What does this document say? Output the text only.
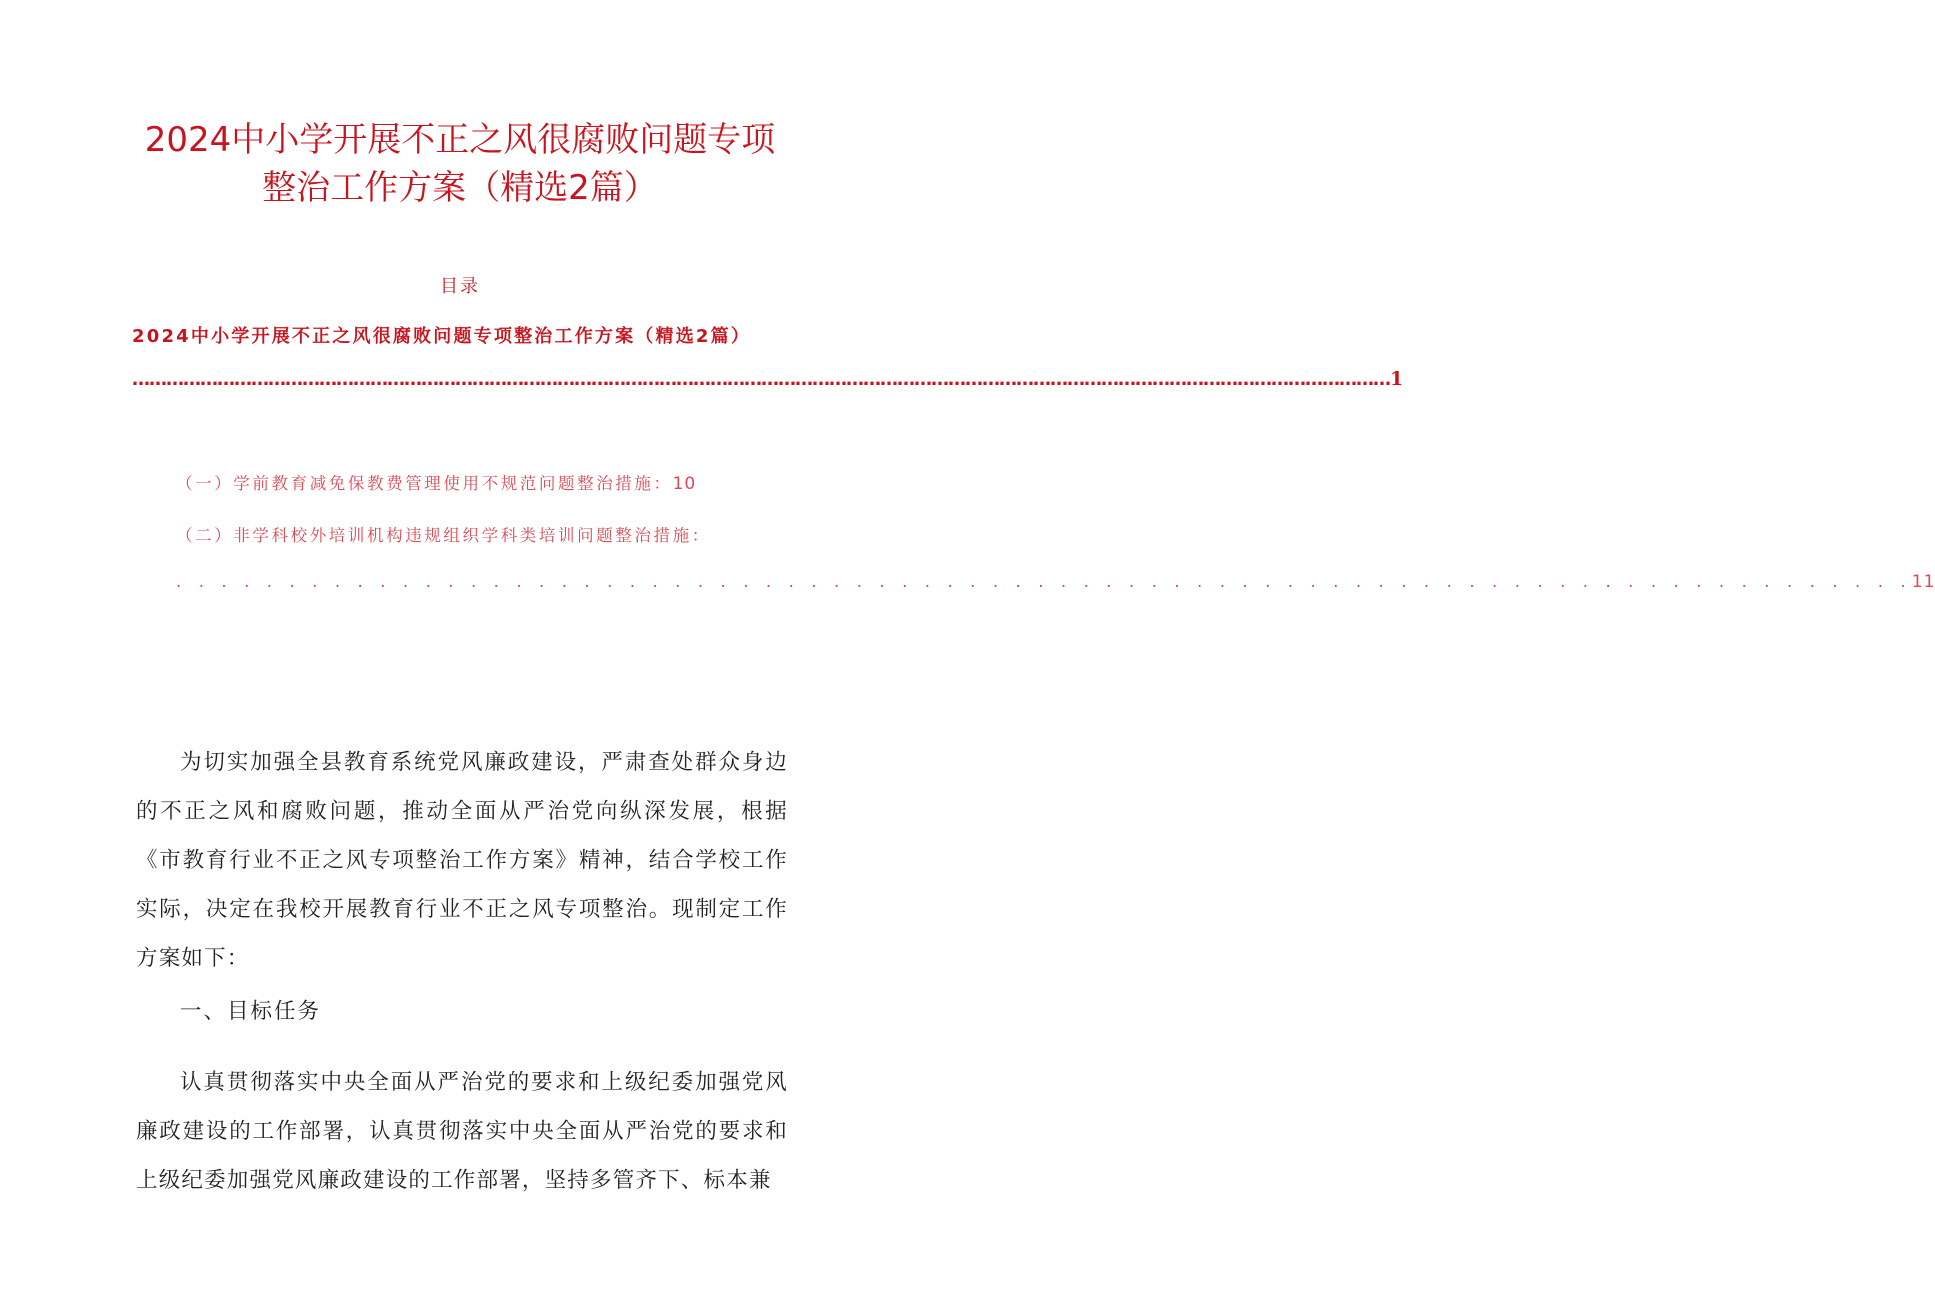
2024中小学开展不正之风很腐败问题专项
整治工作方案（精选2篇）
目录
2024中小学开展不正之风很腐败问题专项整治工作方案（精选2篇）
…………………………………………………………………………………………………………………………………………………………………………………………………… 1
（一）学前教育减免保教费管理使用不规范问题整治措施：10
（二）非学科校外培训机构违规组织学科类培训问题整治措施：
. . . . . . . . . . . . . . . . . . . . . . . . . . . . . . . . . . . . . . . . . . . . . . . . . . . . . . . . . . . . . . . . . . . . . . . . . . . . . 11
为切实加强全县教育系统党风廉政建设，严肃查处群众身边的不正之风和腐败问题，推动全面从严治党向纵深发展，根据《市教育行业不正之风专项整治工作方案》精神，结合学校工作实际，决定在我校开展教育行业不正之风专项整治。现制定工作方案如下：
一、目标任务
认真贯彻落实中央全面从严治党的要求和上级纪委加强党风廉政建设的工作部署，认真贯彻落实中央全面从严治党的要求和上级纪委加强党风廉政建设的工作部署，坚持多管齐下、标本兼
